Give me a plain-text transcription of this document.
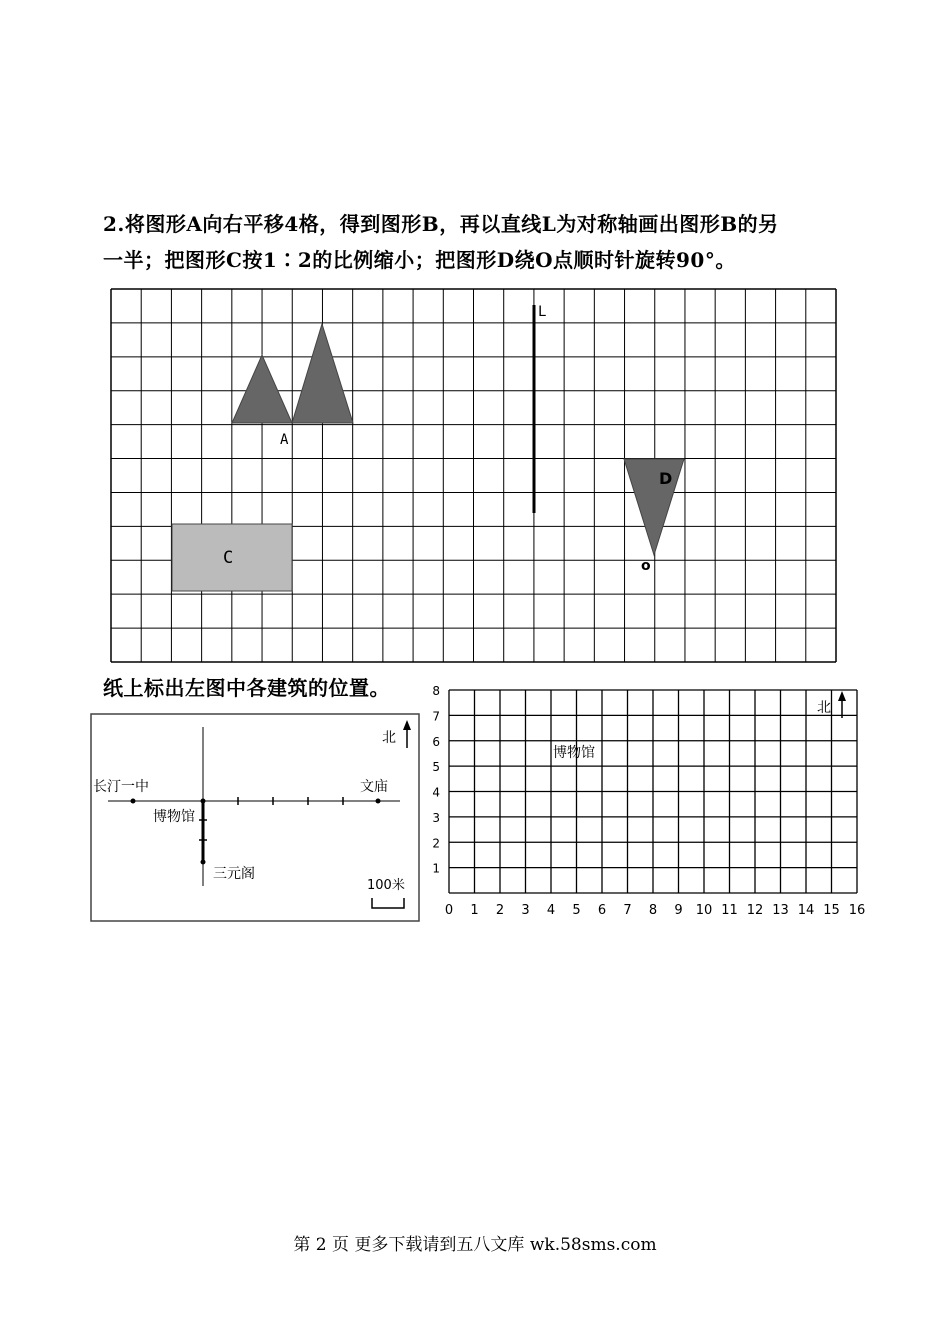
2.将图形A向右平移4格，得到图形B，再以直线L为对称轴画出图形B的另
一半；把图形C按1∶2的比例缩小；把图形D绕O点顺时针旋转90°。
A
L
C
D
o
纸上标出左图中各建筑的位置。
北
长汀一中	文庙
博物馆
三元阁
100米
0 1 2 3 4 5 6 7 8 9 10 11 12 13 14 15 16
1
2
3
4
5
6
7
8
北
博物馆
第 2 页 更多下载请到五八文库 wk.58sms.com
